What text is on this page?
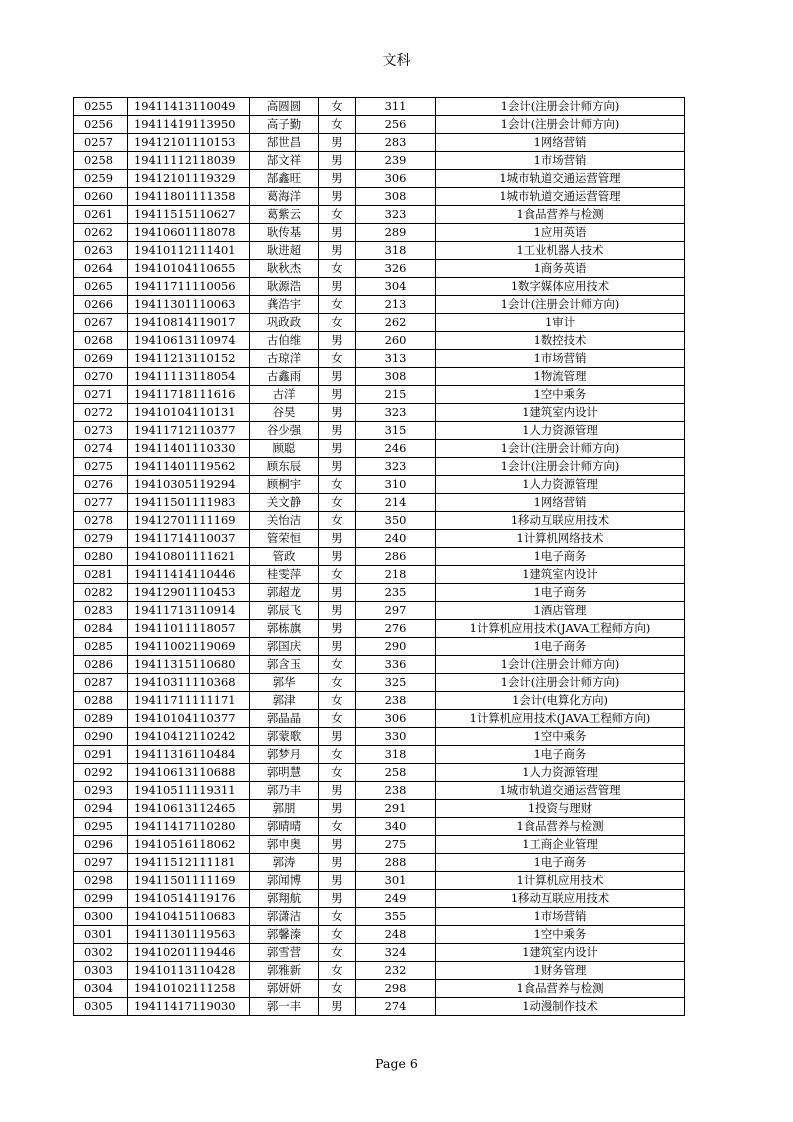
文科
0255	19411413110049	高圆圆	女	311	1会计(注册会计师方向)
0256	19411419113950	高子勤	女	256	1会计(注册会计师方向)
0257	19412101110153	郜世昌	男	283	1网络营销
0258	19411112118039	郜文祥	男	239	1市场营销
0259	19412101119329	郜鑫旺	男	306	1城市轨道交通运营管理
0260	19411801111358	葛海洋	男	308	1城市轨道交通运营管理
0261	19411515110627	葛紫云	女	323	1食品营养与检测
0262	19410601118078	耿传基	男	289	1应用英语
0263	19410112111401	耿进超	男	318	1工业机器人技术
0264	19410104110655	耿秋杰	女	326	1商务英语
0265	19411711110056	耿源浩	男	304	1数字媒体应用技术
0266	19411301110063	龚浩宇	女	213	1会计(注册会计师方向)
0267	19410814119017	巩政政	女	262	1审计
0268	19410613110974	古伯维	男	260	1数控技术
0269	19411213110152	古琼洋	女	313	1市场营销
0270	19411113118054	古鑫雨	男	308	1物流管理
0271	19411718111616	古洋	男	215	1空中乘务
0272	19410104110131	谷昊	男	323	1建筑室内设计
0273	19411712110377	谷少强	男	315	1人力资源管理
0274	19411401110330	顾聪	男	246	1会计(注册会计师方向)
0275	19411401119562	顾东辰	男	323	1会计(注册会计师方向)
0276	19410305119294	顾桐宇	女	310	1人力资源管理
0277	19411501111983	关文静	女	214	1网络营销
0278	19412701111169	关怡洁	女	350	1移动互联应用技术
0279	19411714110037	管荣恒	男	240	1计算机网络技术
0280	19410801111621	管政	男	286	1电子商务
0281	19411414110446	桂雯萍	女	218	1建筑室内设计
0282	19412901110453	郭超龙	男	235	1电子商务
0283	19411713110914	郭辰飞	男	297	1酒店管理
0284	19411011118057	郭栋旗	男	276	1计算机应用技术(JAVA工程师方向)
0285	19411002119069	郭国庆	男	290	1电子商务
0286	19411315110680	郭含玉	女	336	1会计(注册会计师方向)
0287	19410311110368	郭华	女	325	1会计(注册会计师方向)
0288	19411711111171	郭津	女	238	1会计(电算化方向)
0289	19410104110377	郭晶晶	女	306	1计算机应用技术(JAVA工程师方向)
0290	19410412110242	郭蒙歌	男	330	1空中乘务
0291	19411316110484	郭梦月	女	318	1电子商务
0292	19410613110688	郭明慧	女	258	1人力资源管理
0293	19410511119311	郭乃丰	男	238	1城市轨道交通运营管理
0294	19410613112465	郭朋	男	291	1投资与理财
0295	19411417110280	郭晴晴	女	340	1食品营养与检测
0296	19410516118062	郭申奥	男	275	1工商企业管理
0297	19411512111181	郭涛	男	288	1电子商务
0298	19411501111169	郭闻博	男	301	1计算机应用技术
0299	19410514119176	郭翔航	男	249	1移动互联应用技术
0300	19410415110683	郭潇洁	女	355	1市场营销
0301	19411301119563	郭馨溱	女	248	1空中乘务
0302	19410201119446	郭雪营	女	324	1建筑室内设计
0303	19410113110428	郭雅新	女	232	1财务管理
0304	19410102111258	郭妍妍	女	298	1食品营养与检测
0305	19411417119030	郭一丰	男	274	1动漫制作技术
Page 6
